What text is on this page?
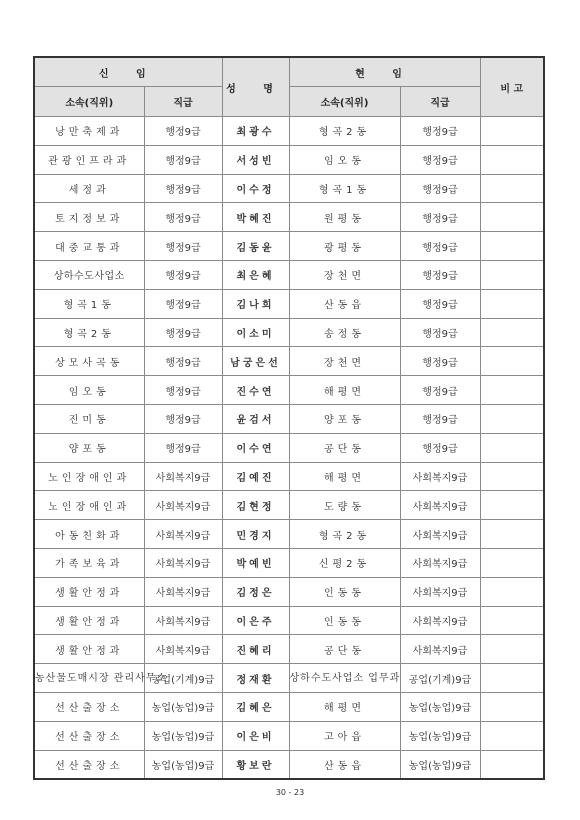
신 임		성 명	현 임		비 고
소속(직위)	직급		소속(직위)	직급	
낭만축제과	행정9급	최광수	형곡2동	행정9급	
관광인프라과	행정9급	서성빈	임오동	행정9급	
세정과	행정9급	이수정	형곡1동	행정9급	
토지정보과	행정9급	박혜진	원평동	행정9급	
대중교통과	행정9급	김동윤	광평동	행정9급	
상하수도사업소	행정9급	최은혜	장천면	행정9급	
형곡1동	행정9급	김나희	산동읍	행정9급	
형곡2동	행정9급	이소미	송정동	행정9급	
상모사곡동	행정9급	남궁은선	장천면	행정9급	
임오동	행정9급	진수연	해평면	행정9급	
진미동	행정9급	윤검서	양포동	행정9급	
양포동	행정9급	이수연	공단동	행정9급	
노인장애인과	사회복지9급	김예진	해평면	사회복지9급	
노인장애인과	사회복지9급	김현정	도량동	사회복지9급	
아동친화과	사회복지9급	민경지	형곡2동	사회복지9급	
가족보육과	사회복지9급	박예빈	신평2동	사회복지9급	
생활안정과	사회복지9급	김정은	인동동	사회복지9급	
생활안정과	사회복지9급	이은주	인동동	사회복지9급	
생활안정과	사회복지9급	진혜리	공단동	사회복지9급	
농산물도매시장 관리사무소	공업(기계)9급	정재환	상하수도사업소 업무과	공업(기계)9급	
선산출장소	농업(농업)9급	김혜은	해평면	농업(농업)9급	
선산출장소	농업(농업)9급	이은비	고아읍	농업(농업)9급	
선산출장소	농업(농업)9급	황보란	산동읍	농업(농업)9급	
30 - 23
